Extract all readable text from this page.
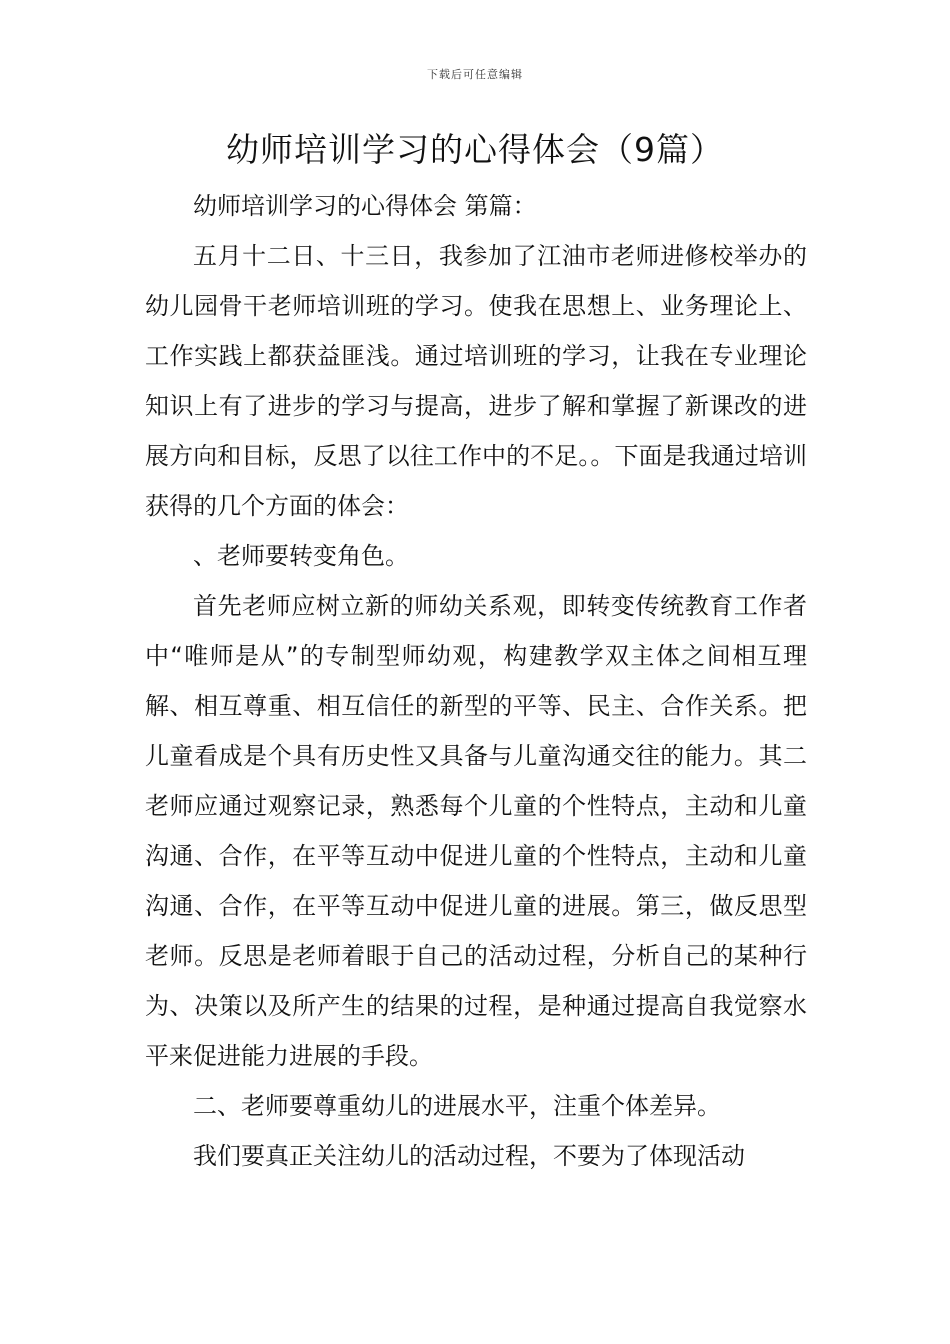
下载后可任意编辑
幼师培训学习的心得体会（9篇）

幼师培训学习的心得体会 第篇：

五月十二日、十三日，我参加了江油市老师进修校举办的幼儿园骨干老师培训班的学习。使我在思想上、业务理论上、工作实践上都获益匪浅。通过培训班的学习，让我在专业理论知识上有了进步的学习与提高，进步了解和掌握了新课改的进展方向和目标，反思了以往工作中的不足。。下面是我通过培训获得的几个方面的体会：

、老师要转变角色。

首先老师应树立新的师幼关系观，即转变传统教育工作者中“唯师是从”的专制型师幼观，构建教学双主体之间相互理解、相互尊重、相互信任的新型的平等、民主、合作关系。把儿童看成是个具有历史性又具备与儿童沟通交往的能力。其二老师应通过观察记录，熟悉每个儿童的个性特点，主动和儿童沟通、合作，在平等互动中促进儿童的个性特点，主动和儿童沟通、合作，在平等互动中促进儿童的进展。第三，做反思型老师。反思是老师着眼于自己的活动过程，分析自己的某种行为、决策以及所产生的结果的过程，是种通过提高自我觉察水平来促进能力进展的手段。

二、老师要尊重幼儿的进展水平，注重个体差异。

我们要真正关注幼儿的活动过程，不要为了体现活动
